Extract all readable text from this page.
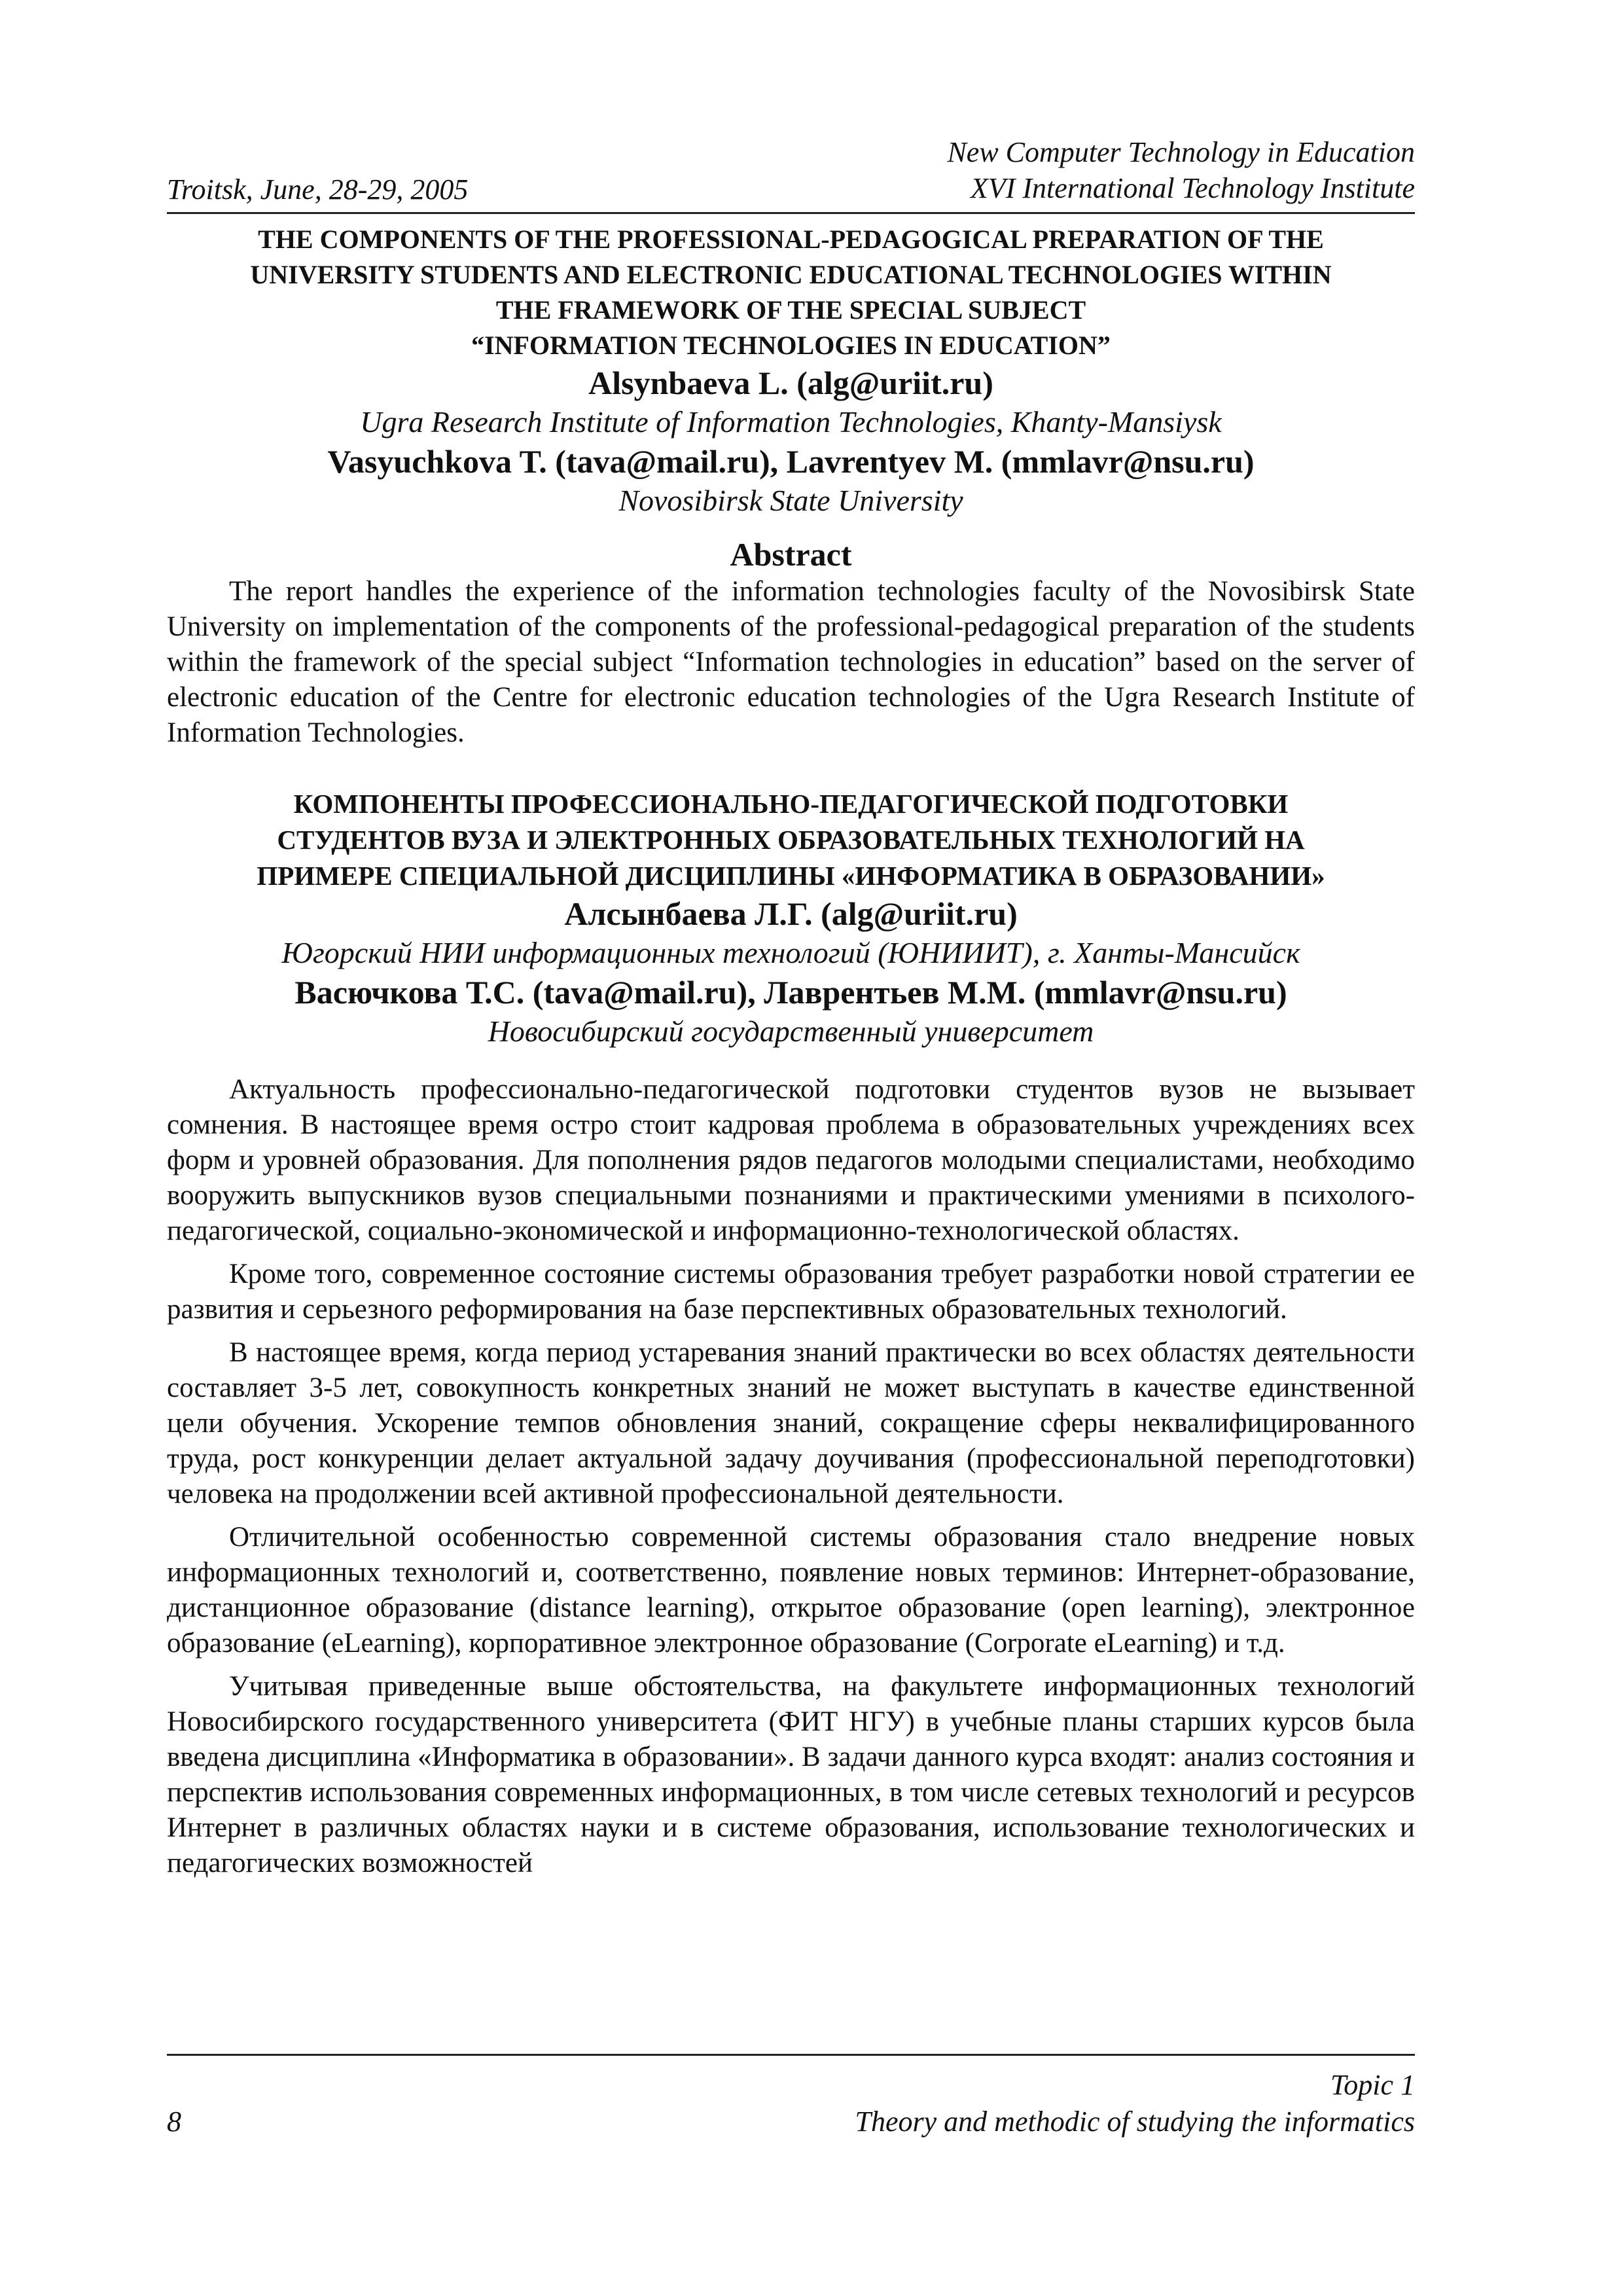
Troitsk, June, 28-29, 2005
New Computer Technology in Education
XVI International Technology Institute
THE COMPONENTS OF THE PROFESSIONAL-PEDAGOGICAL PREPARATION OF THE
UNIVERSITY STUDENTS AND ELECTRONIC EDUCATIONAL TECHNOLOGIES WITHIN
THE FRAMEWORK OF THE SPECIAL SUBJECT
“INFORMATION TECHNOLOGIES IN EDUCATION”
Alsynbaeva L. (alg@uriit.ru)
Ugra Research Institute of Information Technologies, Khanty-Mansiysk
Vasyuchkova T. (tava@mail.ru), Lavrentyev M. (mmlavr@nsu.ru)
Novosibirsk State University
Abstract

The report handles the experience of the information technologies faculty of the Novosibirsk State University on implementation of the components of the professional-pedagogical preparation of the students within the framework of the special subject “Information technologies in education” based on the server of electronic education of the Centre for electronic education technologies of the Ugra Research Institute of Information Technologies.

КОМПОНЕНТЫ ПРОФЕССИОНАЛЬНО-ПЕДАГОГИЧЕСКОЙ ПОДГОТОВКИ
СТУДЕНТОВ ВУЗА И ЭЛЕКТРОННЫХ ОБРАЗОВАТЕЛЬНЫХ ТЕХНОЛОГИЙ НА
ПРИМЕРЕ СПЕЦИАЛЬНОЙ ДИСЦИПЛИНЫ «ИНФОРМАТИКА В ОБРАЗОВАНИИ»
Алсынбаева Л.Г. (alg@uriit.ru)
Югорский НИИ информационных технологий (ЮНИИИТ), г. Ханты-Мансийск
Васючкова Т.С. (tava@mail.ru), Лаврентьев М.М. (mmlavr@nsu.ru)
Новосибирский государственный университет

Актуальность профессионально-педагогической подготовки студентов вузов не вызывает сомнения. В настоящее время остро стоит кадровая проблема в образовательных учреждениях всех форм и уровней образования. Для пополнения рядов педагогов молодыми специалистами, необходимо вооружить выпускников вузов специальными познаниями и практическими умениями в психолого-педагогической, социально-экономической и информационно-технологической областях.

Кроме того, современное состояние системы образования требует разработки новой стратегии ее развития и серьезного реформирования на базе перспективных образовательных технологий.

В настоящее время, когда период устаревания знаний практически во всех областях деятельности составляет 3-5 лет, совокупность конкретных знаний не может выступать в качестве единственной цели обучения. Ускорение темпов обновления знаний, сокращение сферы неквалифицированного труда, рост конкуренции делает актуальной задачу доучивания (профессиональной переподготовки) человека на продолжении всей активной профессиональной деятельности.

Отличительной особенностью современной системы образования стало внедрение новых информационных технологий и, соответственно, появление новых терминов: Интернет-образование, дистанционное образование (distance learning), открытое образование (open learning), электронное образование (eLearning), корпоративное электронное образование (Corporate eLearning) и т.д.

Учитывая приведенные выше обстоятельства, на факультете информационных технологий Новосибирского государственного университета (ФИТ НГУ) в учебные планы старших курсов была введена дисциплина «Информатика в образовании». В задачи данного курса входят: анализ состояния и перспектив использования современных информационных, в том числе сетевых технологий и ресурсов Интернет в различных областях науки и в системе образования, использование технологических и педагогических возможностей

Topic 1
Theory and methodic of studying the informatics
8
